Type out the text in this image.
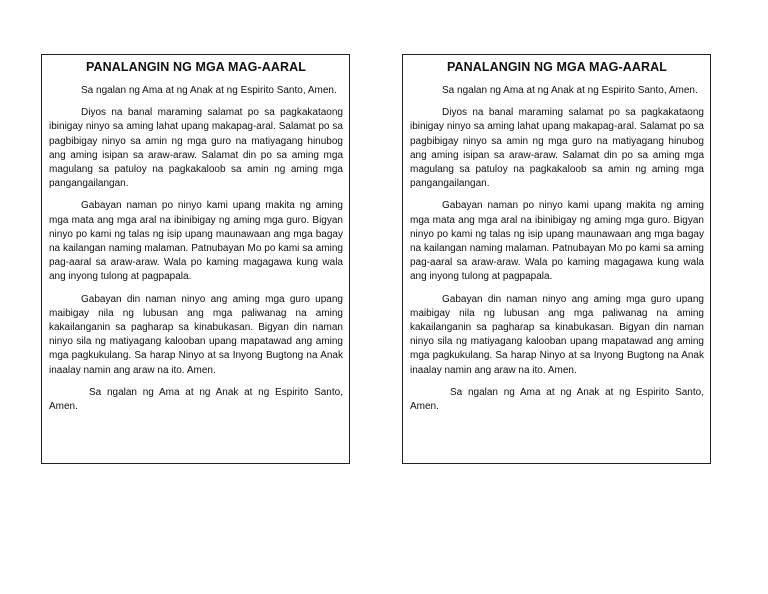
PANALANGIN NG MGA MAG-AARAL

Sa ngalan ng Ama at ng Anak at ng Espirito Santo, Amen.

Diyos na banal maraming salamat po sa pagkakataong ibinigay ninyo sa aming lahat upang makapag-aral. Salamat po sa pagbibigay ninyo sa amin ng mga guro na matiyagang hinubog ang aming isipan sa araw-araw. Salamat din po sa aming mga magulang sa patuloy na pagkakaloob sa amin ng aming mga pangangailangan.

Gabayan naman po ninyo kami upang makita ng aming mga mata ang mga aral na ibinibigay ng aming mga guro. Bigyan ninyo po kami ng talas ng isip upang maunawaan ang mga bagay na kailangan naming malaman. Patnubayan Mo po kami sa aming pag-aaral sa araw-araw. Wala po kaming magagawa kung wala ang inyong tulong at pagpapala.

Gabayan din naman ninyo ang aming mga guro upang maibigay nila ng lubusan ang mga paliwanag na aming kakailanganin sa pagharap sa kinabukasan. Bigyan din naman ninyo sila ng matiyagang kalooban upang mapatawad ang aming mga pagkukulang. Sa harap Ninyo at sa Inyong Bugtong na Anak inaalay namin ang araw na ito. Amen.

Sa ngalan ng Ama at ng Anak at ng Espirito Santo, Amen.

PANALANGIN NG MGA MAG-AARAL

Sa ngalan ng Ama at ng Anak at ng Espirito Santo, Amen.

Diyos na banal maraming salamat po sa pagkakataong ibinigay ninyo sa aming lahat upang makapag-aral. Salamat po sa pagbibigay ninyo sa amin ng mga guro na matiyagang hinubog ang aming isipan sa araw-araw. Salamat din po sa aming mga magulang sa patuloy na pagkakaloob sa amin ng aming mga pangangailangan.

Gabayan naman po ninyo kami upang makita ng aming mga mata ang mga aral na ibinibigay ng aming mga guro. Bigyan ninyo po kami ng talas ng isip upang maunawaan ang mga bagay na kailangan naming malaman. Patnubayan Mo po kami sa aming pag-aaral sa araw-araw. Wala po kaming magagawa kung wala ang inyong tulong at pagpapala.

Gabayan din naman ninyo ang aming mga guro upang maibigay nila ng lubusan ang mga paliwanag na aming kakailanganin sa pagharap sa kinabukasan. Bigyan din naman ninyo sila ng matiyagang kalooban upang mapatawad ang aming mga pagkukulang. Sa harap Ninyo at sa Inyong Bugtong na Anak inaalay namin ang araw na ito. Amen.

Sa ngalan ng Ama at ng Anak at ng Espirito Santo, Amen.
